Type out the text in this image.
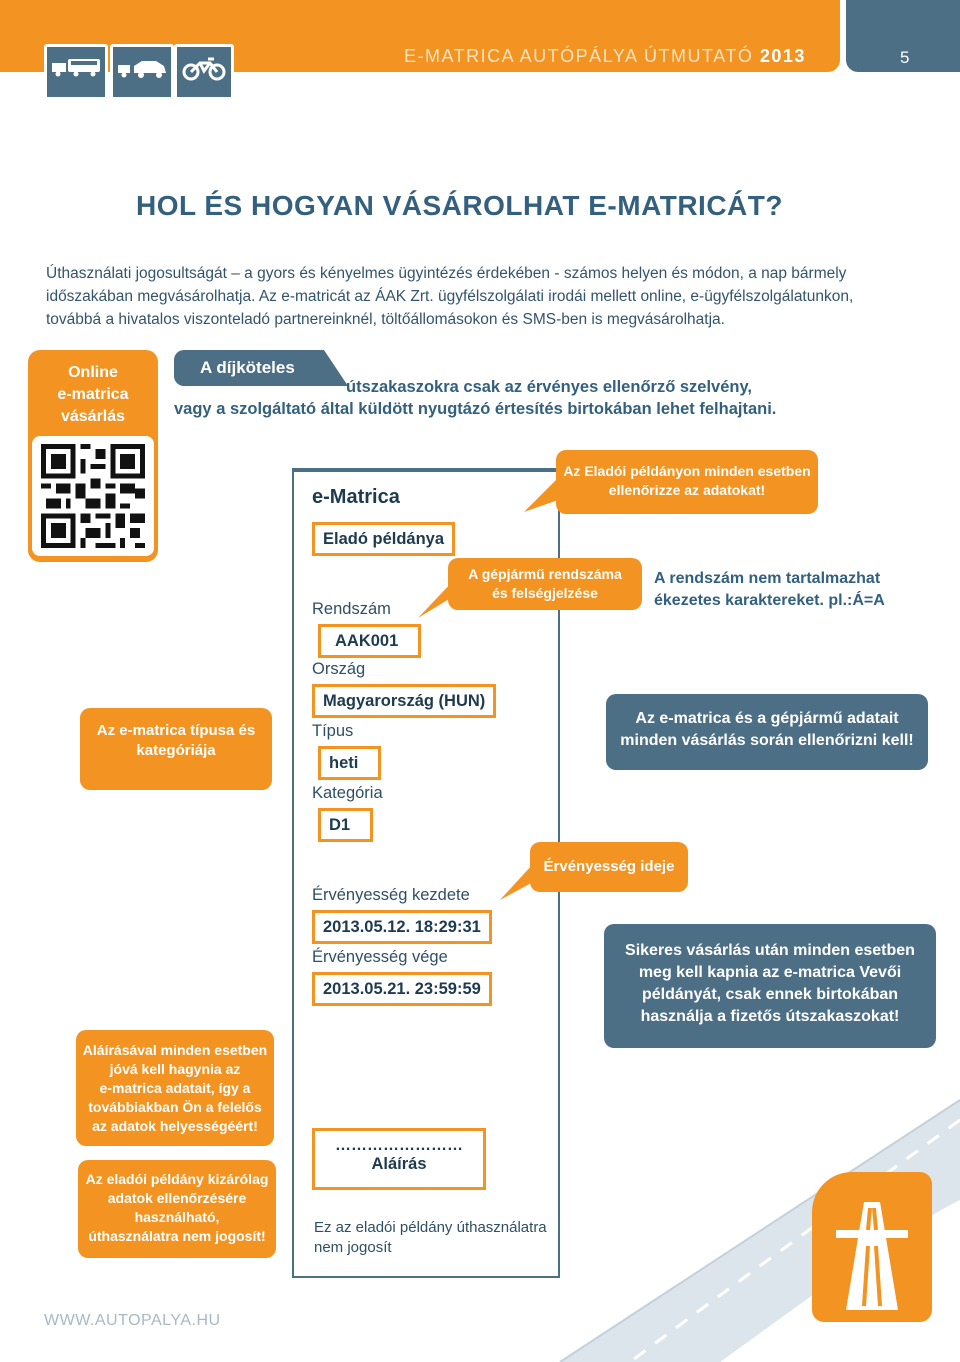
E-MATRICA AUTÓPÁLYA ÚTMUTATÓ 2013	5
HOL ÉS HOGYAN VÁSÁROLHAT E-MATRICÁT?
Úthasználati jogosultságát – a gyors és kényelmes ügyintézés érdekében - számos helyen és módon, a nap bármely
időszakában megvásárolhatja. Az e-matricát az ÁAK Zrt. ügyfélszolgálati irodái mellett online, e-ügyfélszolgálatunkon,
továbbá a hivatalos viszonteladó partnereinknél, töltőállomásokon és SMS-ben is megvásárolhatja.
Online
e-matrica
vásárlás
A díjköteles
útszakaszokra csak az érvényes ellenőrző szelvény,
vagy a szolgáltató által küldött nyugtázó értesítés birtokában lehet felhajtani.
e-Matrica
Eladó példánya
Rendszám
AAK001
Ország
Magyarország (HUN)
Típus
heti
Kategória
D1
Érvényesség kezdete
2013.05.12. 18:29:31
Érvényesség vége
2013.05.21. 23:59:59
……………………
Aláírás
Ez az eladói példány úthasználatra
nem jogosít
Az Eladói példányon minden esetben
ellenőrizze az adatokat!
A gépjármű rendszáma
és felségjelzése
A rendszám nem tartalmazhat
ékezetes karaktereket. pl.:Á=A
Az e-matrica és a gépjármű adatait
minden vásárlás során ellenőrizni kell!
Az e-matrica típusa és
kategóriája
Érvényesség ideje
Sikeres vásárlás után minden esetben
meg kell kapnia az e-matrica Vevői
példányát, csak ennek birtokában
használja a fizetős útszakaszokat!
Aláírásával minden esetben
jóvá kell hagynia az
e-matrica adatait, így a
továbbiakban Ön a felelős
az adatok helyességéért!
Az eladói példány kizárólag
adatok ellenőrzésére
használható,
úthasználatra nem jogosít!
WWW.AUTOPALYA.HU
